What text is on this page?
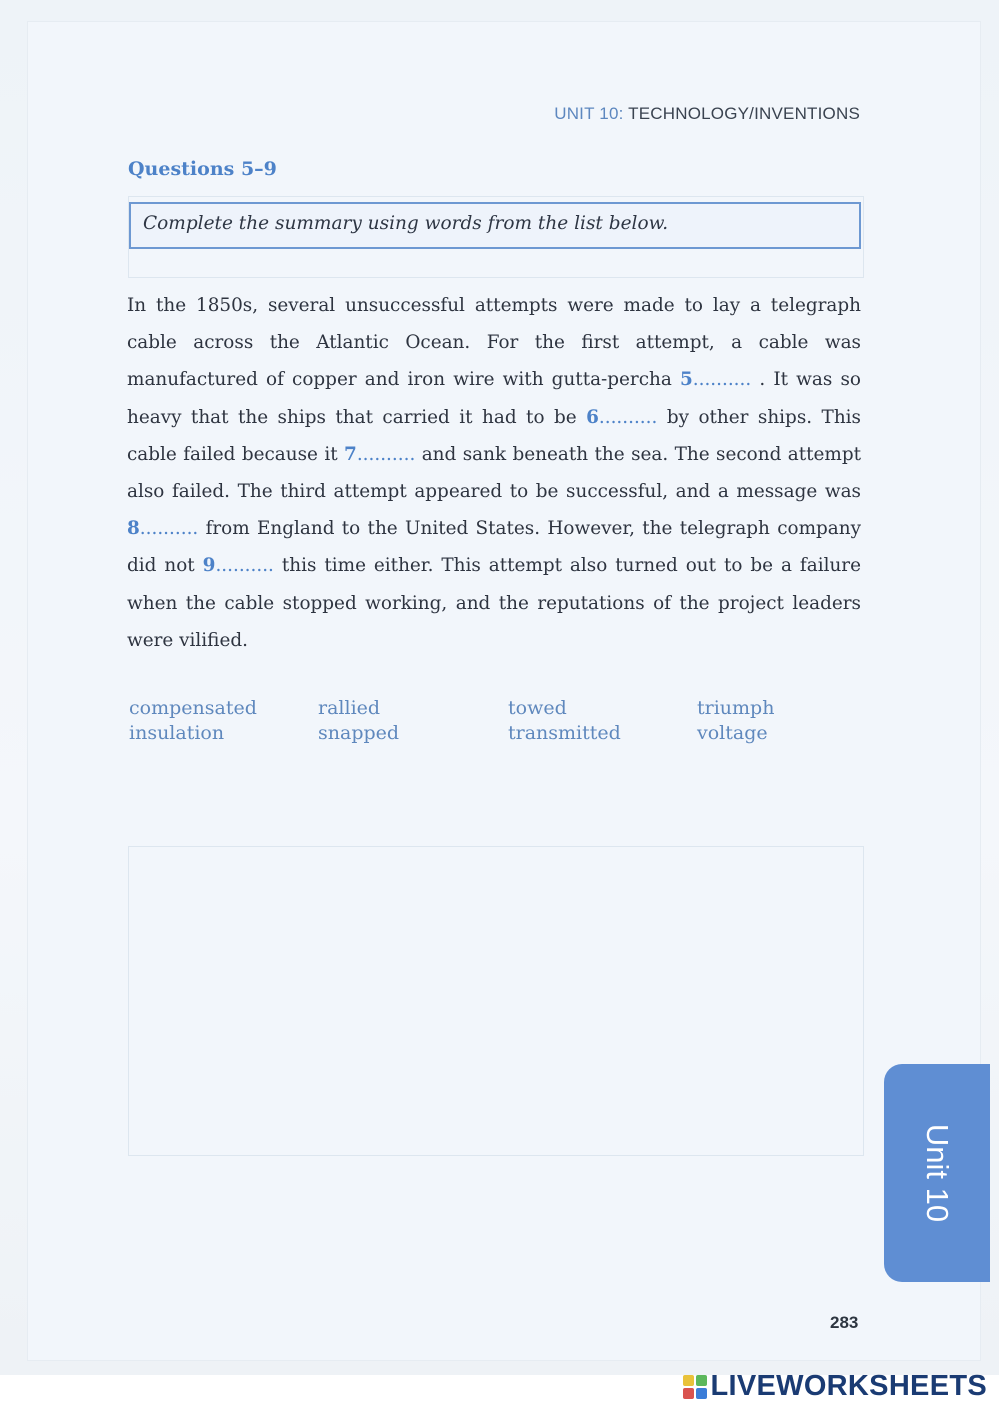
UNIT 10: TECHNOLOGY/INVENTIONS
Questions 5–9
Complete the summary using words from the list below.
In the 1850s, several unsuccessful attempts were made to lay a telegraph cable across the Atlantic Ocean. For the first attempt, a cable was manufactured of copper and iron wire with gutta-percha 5.......... . It was so heavy that the ships that carried it had to be 6.......... by other ships. This cable failed because it 7.......... and sank beneath the sea. The second attempt also failed. The third attempt appeared to be successful, and a message was 8.......... from England to the United States. However, the telegraph company did not 9.......... this time either. This attempt also turned out to be a failure when the cable stopped working, and the reputations of the project leaders were vilified.
compensated	rallied	towed	triumph
insulation	snapped	transmitted	voltage
Unit 10
283
LIVEWORKSHEETS
